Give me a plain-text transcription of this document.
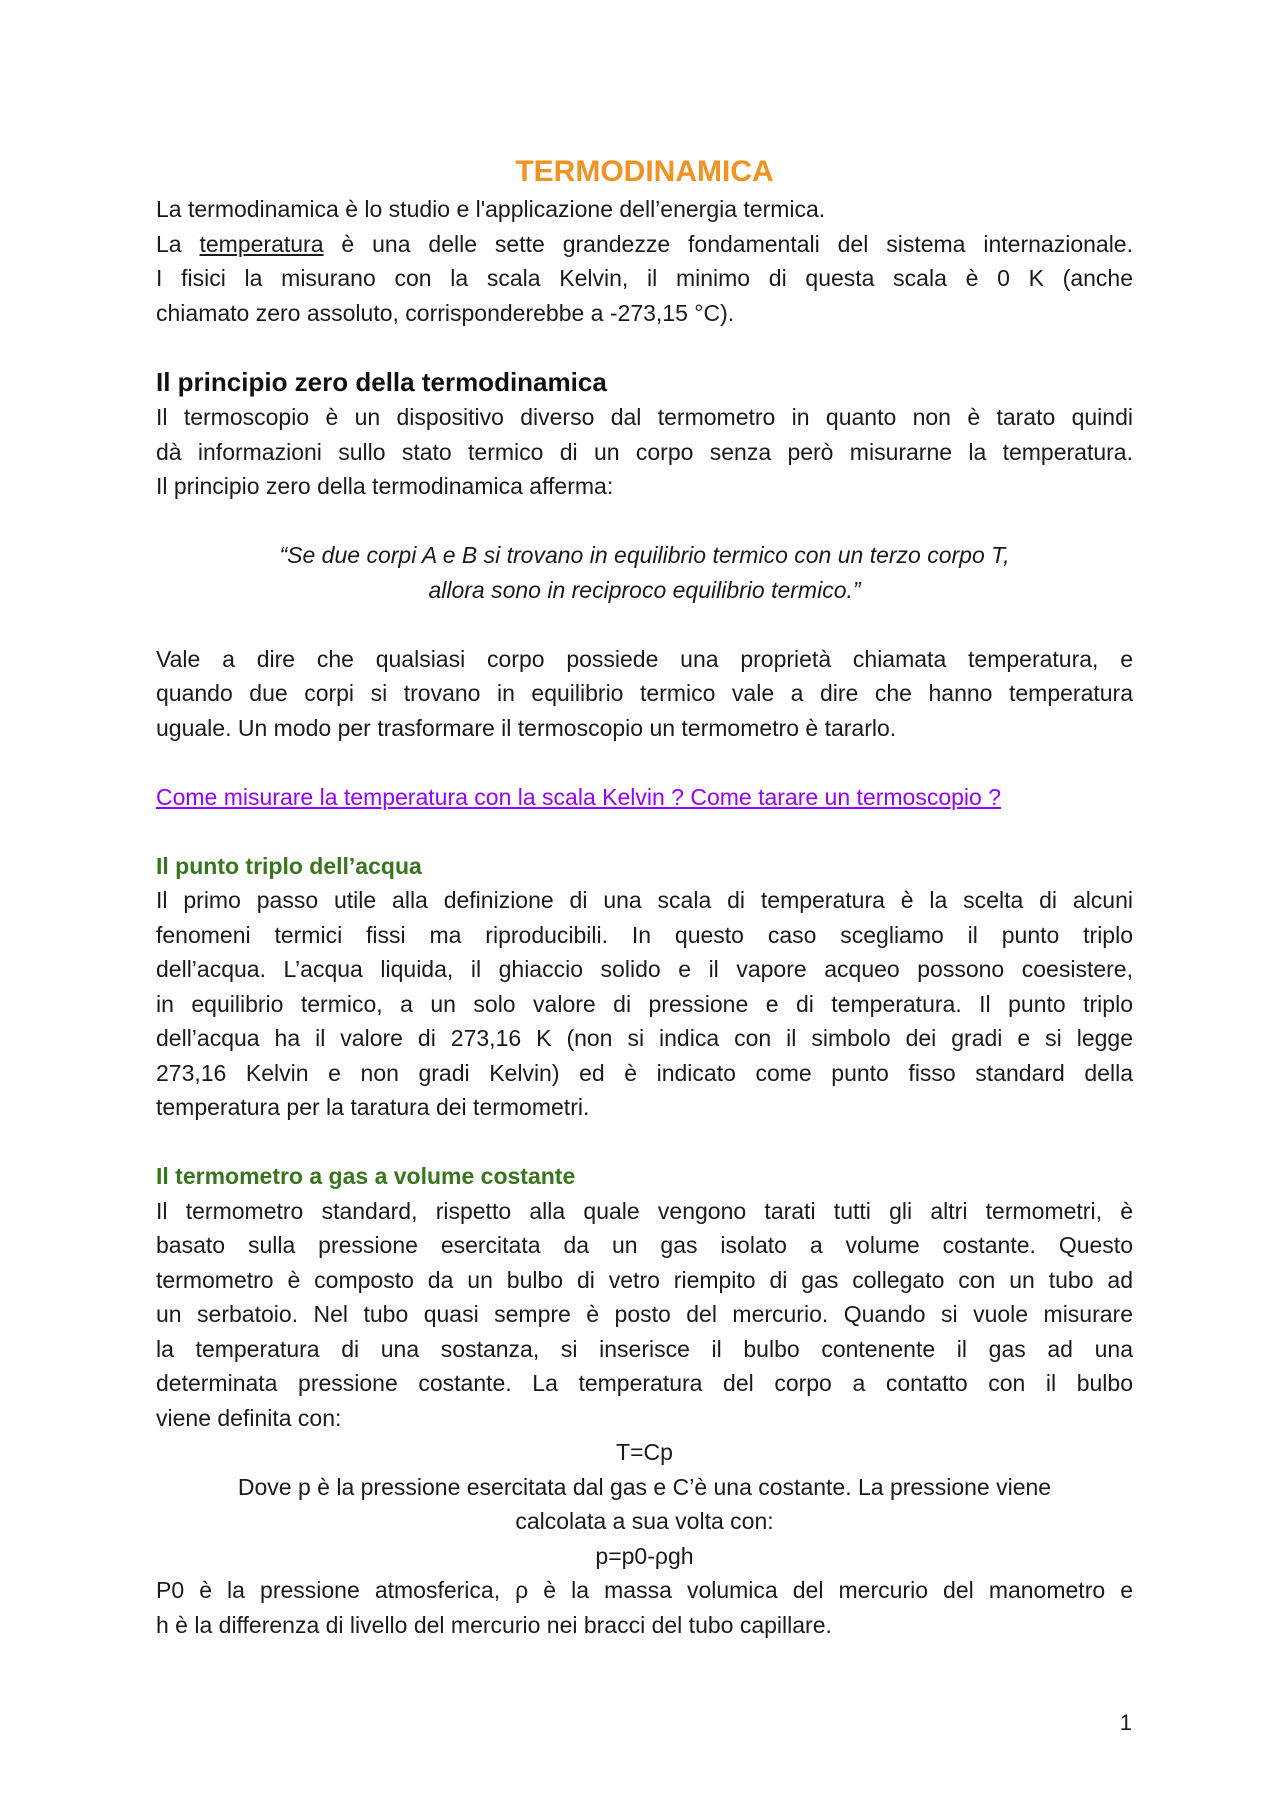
TERMODINAMICA

La termodinamica è lo studio e l'applicazione dell’energia termica.
La temperatura è una delle sette grandezze fondamentali del sistema internazionale.
I fisici la misurano con la scala Kelvin, il minimo di questa scala è 0 K (anche
chiamato zero assoluto, corrisponderebbe a -273,15 °C).

Il principio zero della termodinamica

Il termoscopio è un dispositivo diverso dal termometro in quanto non è tarato quindi
dà informazioni sullo stato termico di un corpo senza però misurarne la temperatura.
Il principio zero della termodinamica afferma:

“Se due corpi A e B si trovano in equilibrio termico con un terzo corpo T,
allora sono in reciproco equilibrio termico.”

Vale a dire che qualsiasi corpo possiede una proprietà chiamata temperatura, e
quando due corpi si trovano in equilibrio termico vale a dire che hanno temperatura
uguale. Un modo per trasformare il termoscopio un termometro è tararlo.

Come misurare la temperatura con la scala Kelvin ? Come tarare un termoscopio ?

Il punto triplo dell’acqua

Il primo passo utile alla definizione di una scala di temperatura è la scelta di alcuni
fenomeni termici fissi ma riproducibili. In questo caso scegliamo il punto triplo
dell’acqua. L’acqua liquida, il ghiaccio solido e il vapore acqueo possono coesistere,
in equilibrio termico, a un solo valore di pressione e di temperatura. Il punto triplo
dell’acqua ha il valore di 273,16 K (non si indica con il simbolo dei gradi e si legge
273,16 Kelvin e non gradi Kelvin) ed è indicato come punto fisso standard della
temperatura per la taratura dei termometri.

Il termometro a gas a volume costante

Il termometro standard, rispetto alla quale vengono tarati tutti gli altri termometri, è
basato sulla pressione esercitata da un gas isolato a volume costante. Questo
termometro è composto da un bulbo di vetro riempito di gas collegato con un tubo ad
un serbatoio. Nel tubo quasi sempre è posto del mercurio. Quando si vuole misurare
la temperatura di una sostanza, si inserisce il bulbo contenente il gas ad una
determinata pressione costante. La temperatura del corpo a contatto con il bulbo
viene definita con:

T=Cp
Dove p è la pressione esercitata dal gas e C’è una costante. La pressione viene
calcolata a sua volta con:
p=p0-ρgh

P0 è la pressione atmosferica, ρ è la massa volumica del mercurio del manometro e
h è la differenza di livello del mercurio nei bracci del tubo capillare.

1
